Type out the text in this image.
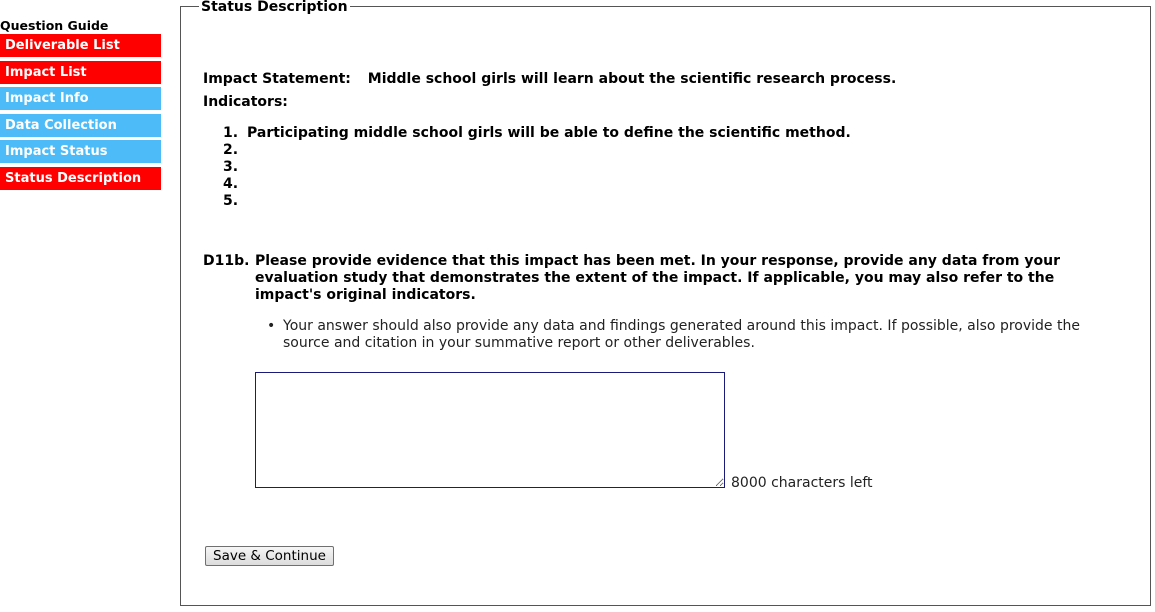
Question Guide
Deliverable List
Impact List
Impact Info
Data Collection
Impact Status
Status Description
Status Description
Impact Statement: Middle school girls will learn about the scientific research process.
Indicators:
1. Participating middle school girls will be able to define the scientific method.
2.
3.
4.
5.
D11b. Please provide evidence that this impact has been met. In your response, provide any data from your evaluation study that demonstrates the extent of the impact. If applicable, you may also refer to the impact's original indicators.
• Your answer should also provide any data and findings generated around this impact. If possible, also provide the source and citation in your summative report or other deliverables.
8000 characters left
Save & Continue
